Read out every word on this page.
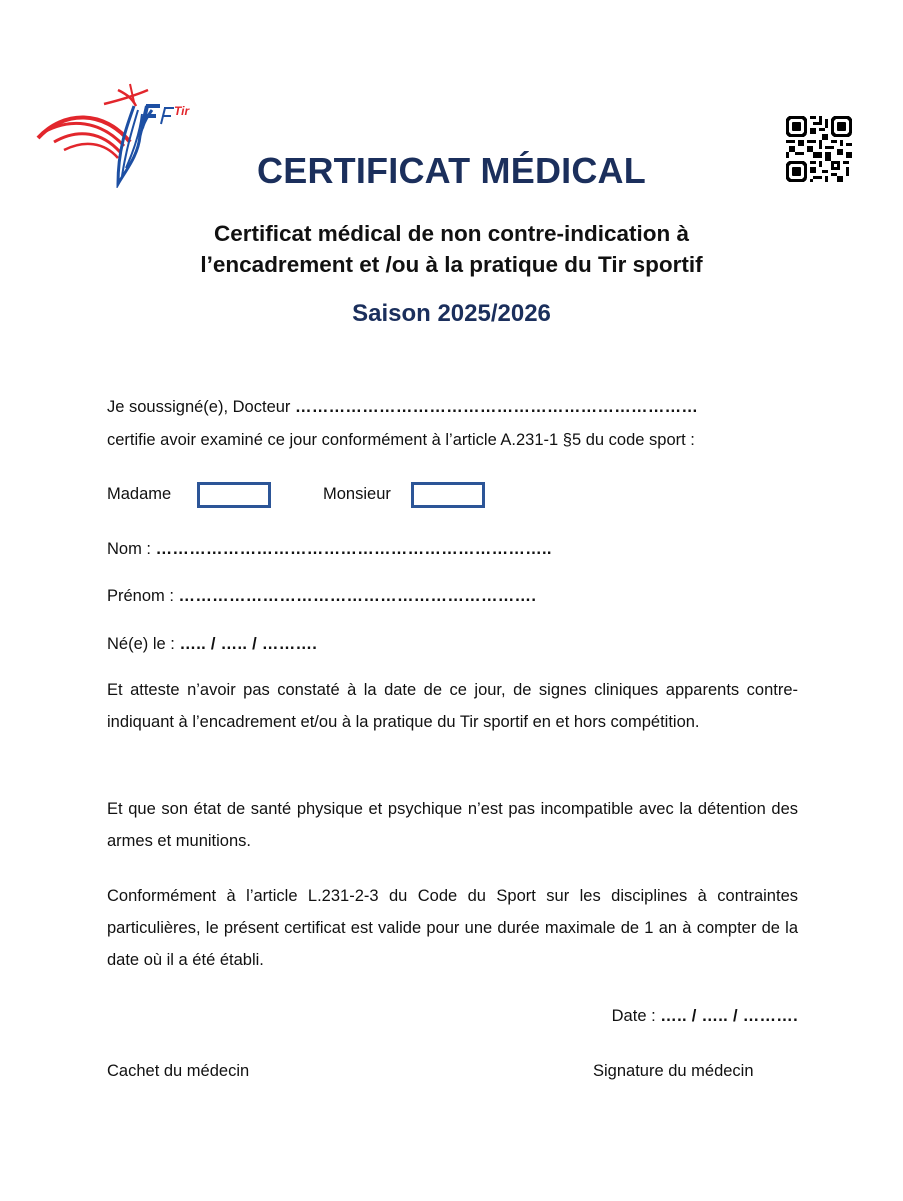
Tir
CERTIFICAT MÉDICAL
Certificat médical de non contre-indication à
l’encadrement et /ou à la pratique du Tir sportif
Saison 2025/2026
Je soussigné(e), Docteur ………………………………………………………………
certifie avoir examiné ce jour conformément à l’article A.231-1 §5 du code sport :
Madame	Monsieur
Nom : ……………………………………………………………..
Prénom : ……………………………………………………….
Né(e) le : ….. / ….. / ……….
Et atteste n’avoir pas constaté à la date de ce jour, de signes cliniques apparents contre-indiquant à l’encadrement et/ou à la pratique du Tir sportif en et hors compétition.
Et que son état de santé physique et psychique n’est pas incompatible avec la détention des armes et munitions.
Conformément à l’article L.231-2-3 du Code du Sport sur les disciplines à contraintes particulières, le présent certificat est valide pour une durée maximale de 1 an à compter de la date où il a été établi.
Date : ….. / ….. / ……….
Cachet du médecin	Signature du médecin
